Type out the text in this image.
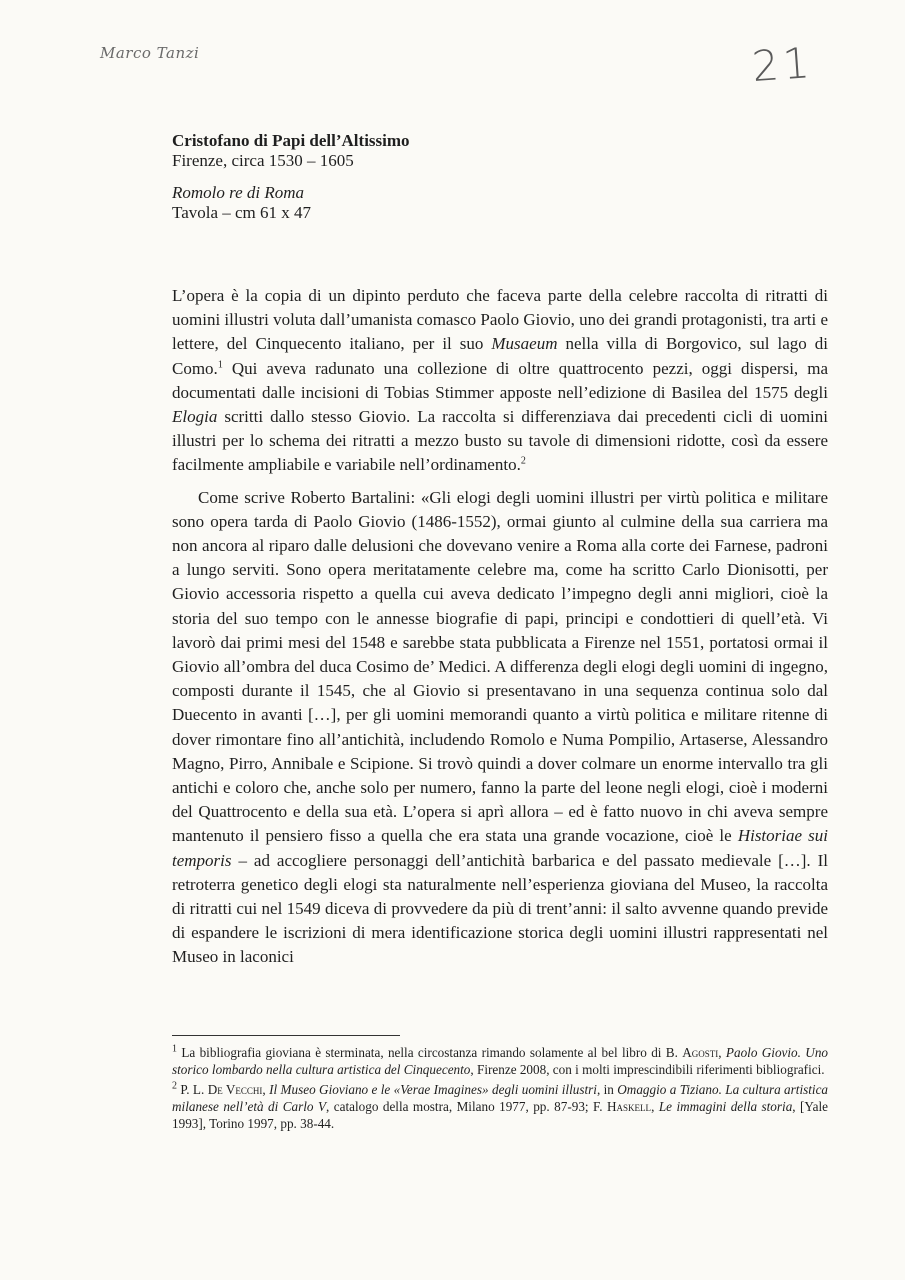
Marco Tanzi	21
Cristofano di Papi dell’Altissimo
Firenze, circa 1530 – 1605
Romolo re di Roma
Tavola – cm 61 x 47

L’opera è la copia di un dipinto perduto che faceva parte della celebre raccolta di ritratti di uomini illustri voluta dall’umanista comasco Paolo Giovio, uno dei grandi protagonisti, tra arti e lettere, del Cinquecento italiano, per il suo Musaeum nella villa di Borgovico, sul lago di Como.$^1$ Qui aveva radunato una collezione di oltre quattrocento pezzi, oggi dispersi, ma documentati dalle incisioni di Tobias Stimmer apposte nell’edizione di Basilea del 1575 degli Elogia scritti dallo stesso Giovio. La raccolta si differenziava dai precedenti cicli di uomini illustri per lo schema dei ritratti a mezzo busto su tavole di dimensioni ridotte, così da essere facilmente ampliabile e variabile nell’ordinamento.$^2$

Come scrive Roberto Bartalini: «Gli elogi degli uomini illustri per virtù politica e militare sono opera tarda di Paolo Giovio (1486-1552), ormai giunto al culmine della sua carriera ma non ancora al riparo dalle delusioni che dovevano venire a Roma alla corte dei Farnese, padroni a lungo serviti. Sono opera meritatamente celebre ma, come ha scritto Carlo Dionisotti, per Giovio accessoria rispetto a quella cui aveva dedicato l’impegno degli anni migliori, cioè la storia del suo tempo con le annesse biografie di papi, principi e condottieri di quell’età. Vi lavorò dai primi mesi del 1548 e sarebbe stata pubblicata a Firenze nel 1551, portatosi ormai il Giovio all’ombra del duca Cosimo de’ Medici. A differenza degli elogi degli uomini di ingegno, composti durante il 1545, che al Giovio si presentavano in una sequenza continua solo dal Duecento in avanti […], per gli uomini memorandi quanto a virtù politica e militare ritenne di dover rimontare fino all’antichità, includendo Romolo e Numa Pompilio, Artaserse, Alessandro Magno, Pirro, Annibale e Scipione. Si trovò quindi a dover colmare un enorme intervallo tra gli antichi e coloro che, anche solo per numero, fanno la parte del leone negli elogi, cioè i moderni del Quattrocento e della sua età. L’opera si aprì allora – ed è fatto nuovo in chi aveva sempre mantenuto il pensiero fisso a quella che era stata una grande vocazione, cioè le Historiae sui temporis – ad accogliere personaggi dell’antichità barbarica e del passato medievale […]. Il retroterra genetico degli elogi sta naturalmente nell’esperienza gioviana del Museo, la raccolta di ritratti cui nel 1549 diceva di provvedere da più di trent’anni: il salto avvenne quando previde di espandere le iscrizioni di mera identificazione storica degli uomini illustri rappresentati nel Museo in laconici

$^1$ La bibliografia gioviana è sterminata, nella circostanza rimando solamente al bel libro di B. Agosti, Paolo Giovio. Uno storico lombardo nella cultura artistica del Cinquecento, Firenze 2008, con i molti imprescindibili riferimenti bibliografici.

$^2$ P. L. De Vecchi, Il Museo Gioviano e le «Verae Imagines» degli uomini illustri, in Omaggio a Tiziano. La cultura artistica milanese nell’età di Carlo V, catalogo della mostra, Milano 1977, pp. 87-93; F. Haskell, Le immagini della storia, [Yale 1993], Torino 1997, pp. 38-44.
